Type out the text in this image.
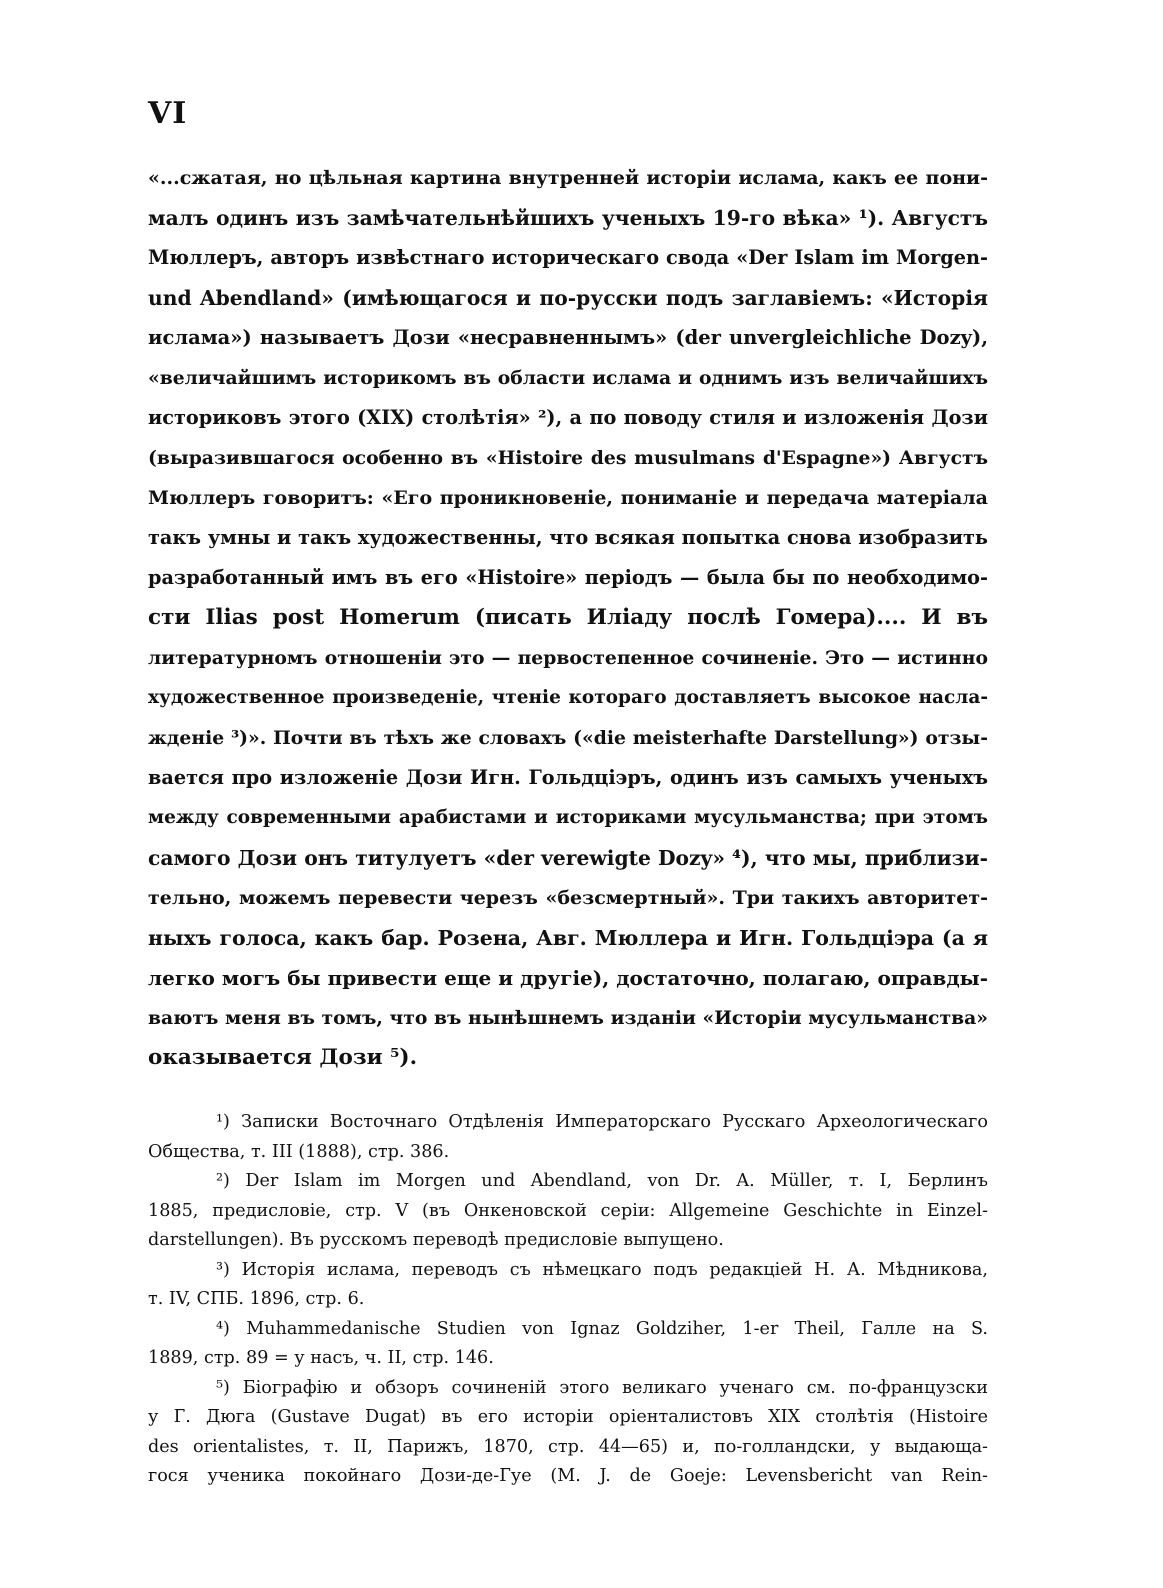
VI
«...сжатая, но цѣльная картина внутренней исторіи ислама, какъ ее пони-
малъ одинъ изъ замѣчательнѣйшихъ ученыхъ 19-го вѣка» ¹). Августъ
Мюллеръ, авторъ извѣстнаго историческаго свода «Der Islam im Morgen-
und Abendland» (имѣющагося и по-русски подъ заглавіемъ: «Исторія
ислама») называетъ Дози «несравненнымъ» (der unvergleichliche Dozy),
«величайшимъ историкомъ въ области ислама и однимъ изъ величайшихъ
историковъ этого (XIX) столѣтія» ²), а по поводу стиля и изложенія Дози
(выразившагося особенно въ «Histoire des musulmans d'Espagne») Августъ
Мюллеръ говоритъ: «Его проникновеніе, пониманіе и передача матеріала
такъ умны и такъ художественны, что всякая попытка снова изобразить
разработанный имъ въ его «Histoire» періодъ — была бы по необходимо-
сти Ilias post Homerum (писать Иліаду послѣ Гомера).... И въ
литературномъ отношеніи это — первостепенное сочиненіе. Это — истинно
художественное произведеніе, чтеніе котораго доставляетъ высокое насла-
жденіе ³)». Почти въ тѣхъ же словахъ («die meisterhafte Darstellung») отзы-
вается про изложеніе Дози Игн. Гольдціэръ, одинъ изъ самыхъ ученыхъ
между современными арабистами и историками мусульманства; при этомъ
самого Дози онъ титулуетъ «der verewigte Dozy» ⁴), что мы, приблизи-
тельно, можемъ перевести черезъ «безсмертный». Три такихъ авторитет-
ныхъ голоса, какъ бар. Розена, Авг. Мюллера и Игн. Гольдціэра (а я
легко могъ бы привести еще и другіе), достаточно, полагаю, оправды-
ваютъ меня въ томъ, что въ нынѣшнемъ изданіи «Исторіи мусульманства»
оказывается Дози ⁵).
¹) Записки Восточнаго Отдѣленія Императорскаго Русскаго Археологическаго
Общества, т. III (1888), стр. 386.
²) Der Islam im Morgen und Abendland, von Dr. A. Müller, т. I, Берлинъ
1885, предисловіе, стр. V (въ Онкеновской серіи: Allgemeine Geschichte in Einzel-
darstellungen). Въ русскомъ переводѣ предисловіе выпущено.
³) Исторія ислама, переводъ съ нѣмецкаго подъ редакціей Н. А. Мѣдникова,
т. IV, СПБ. 1896, стр. 6.
⁴) Muhammedanische Studien von Ignaz Goldziher, 1-er Theil, Галле на S.
1889, стр. 89 = у насъ, ч. II, стр. 146.
⁵) Біографію и обзоръ сочиненій этого великаго ученаго см. по-французски
у Г. Дюга (Gustave Dugat) въ его исторіи оріенталистовъ XIX столѣтія (Histoire
des orientalistes, т. II, Парижъ, 1870, стр. 44—65) и, по-голландски, у выдающа-
гося ученика покойнаго Дози-де-Гуе (M. J. de Goeje: Levensbericht van Rein-
